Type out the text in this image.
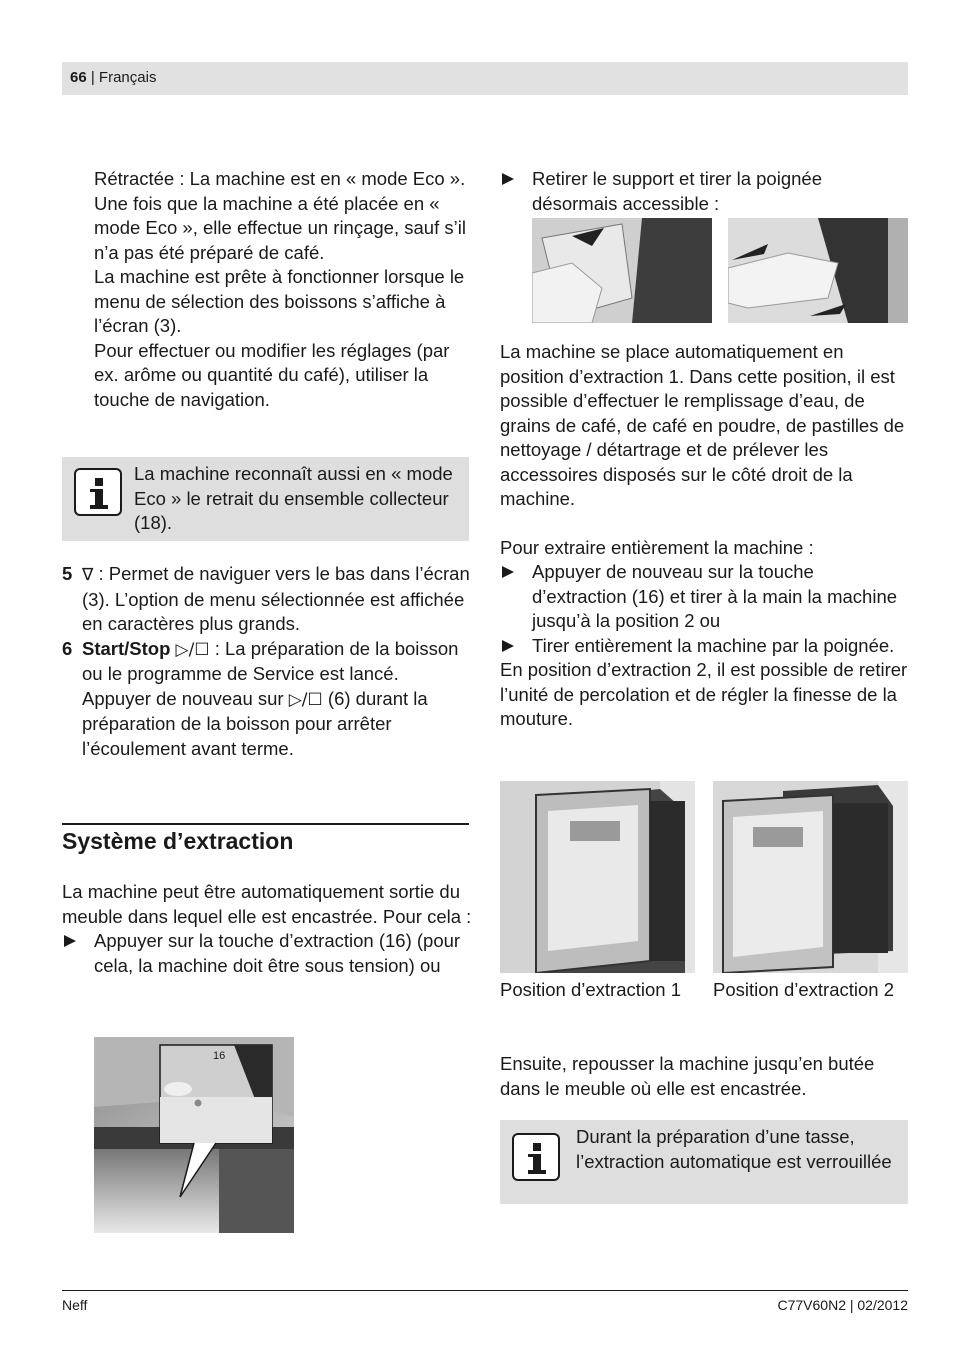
66 | Français

Rétractée : La machine est en « mode Eco ». Une fois que la machine a été placée en « mode Eco », elle effectue un rinçage, sauf s’il n’a pas été préparé de café.

La machine est prête à fonctionner lorsque le menu de sélection des boissons s’affiche à l’écran (3).

Pour effectuer ou modifier les réglages (par ex. arôme ou quantité du café), utiliser la touche de navigation.

La machine reconnaît aussi en « mode Eco » le retrait du ensemble collecteur (18).

5 ∇ : Permet de naviguer vers le bas dans l’écran (3). L’option de menu sélectionnée est affichée en caractères plus grands.
6 Start/Stop ▷/☐ : La préparation de la boisson ou le programme de Service est lancé.
Appuyer de nouveau sur ▷/☐ (6) durant la préparation de la boisson pour arrêter l’écoulement avant terme.
Système d’extraction

La machine peut être automatiquement sortie du meuble dans lequel elle est encastrée. Pour cela :

Appuyer sur la touche d’extraction (16) (pour cela, la machine doit être sous tension) ou
16
Retirer le support et tirer la poignée désormais accessible :

La machine se place automatiquement en position d’extraction 1. Dans cette position, il est possible d’effectuer le remplissage d’eau, de grains de café, de café en poudre, de pastilles de nettoyage / détartrage et de prélever les accessoires disposés sur le côté droit de la machine.

Pour extraire entièrement la machine :

Appuyer de nouveau sur la touche d’extraction (16) et tirer à la main la machine jusqu’à la position 2 ou
Tirer entièrement la machine par la poignée.

En position d’extraction 2, il est possible de retirer l’unité de percolation et de régler la finesse de la mouture.

Position d’extraction 1	Position d’extraction 2

Ensuite, repousser la machine jusqu’en butée dans le meuble où elle est encastrée.

Durant la préparation d’une tasse, l’extraction automatique est verrouillée

Neff	C77V60N2 | 02/2012
